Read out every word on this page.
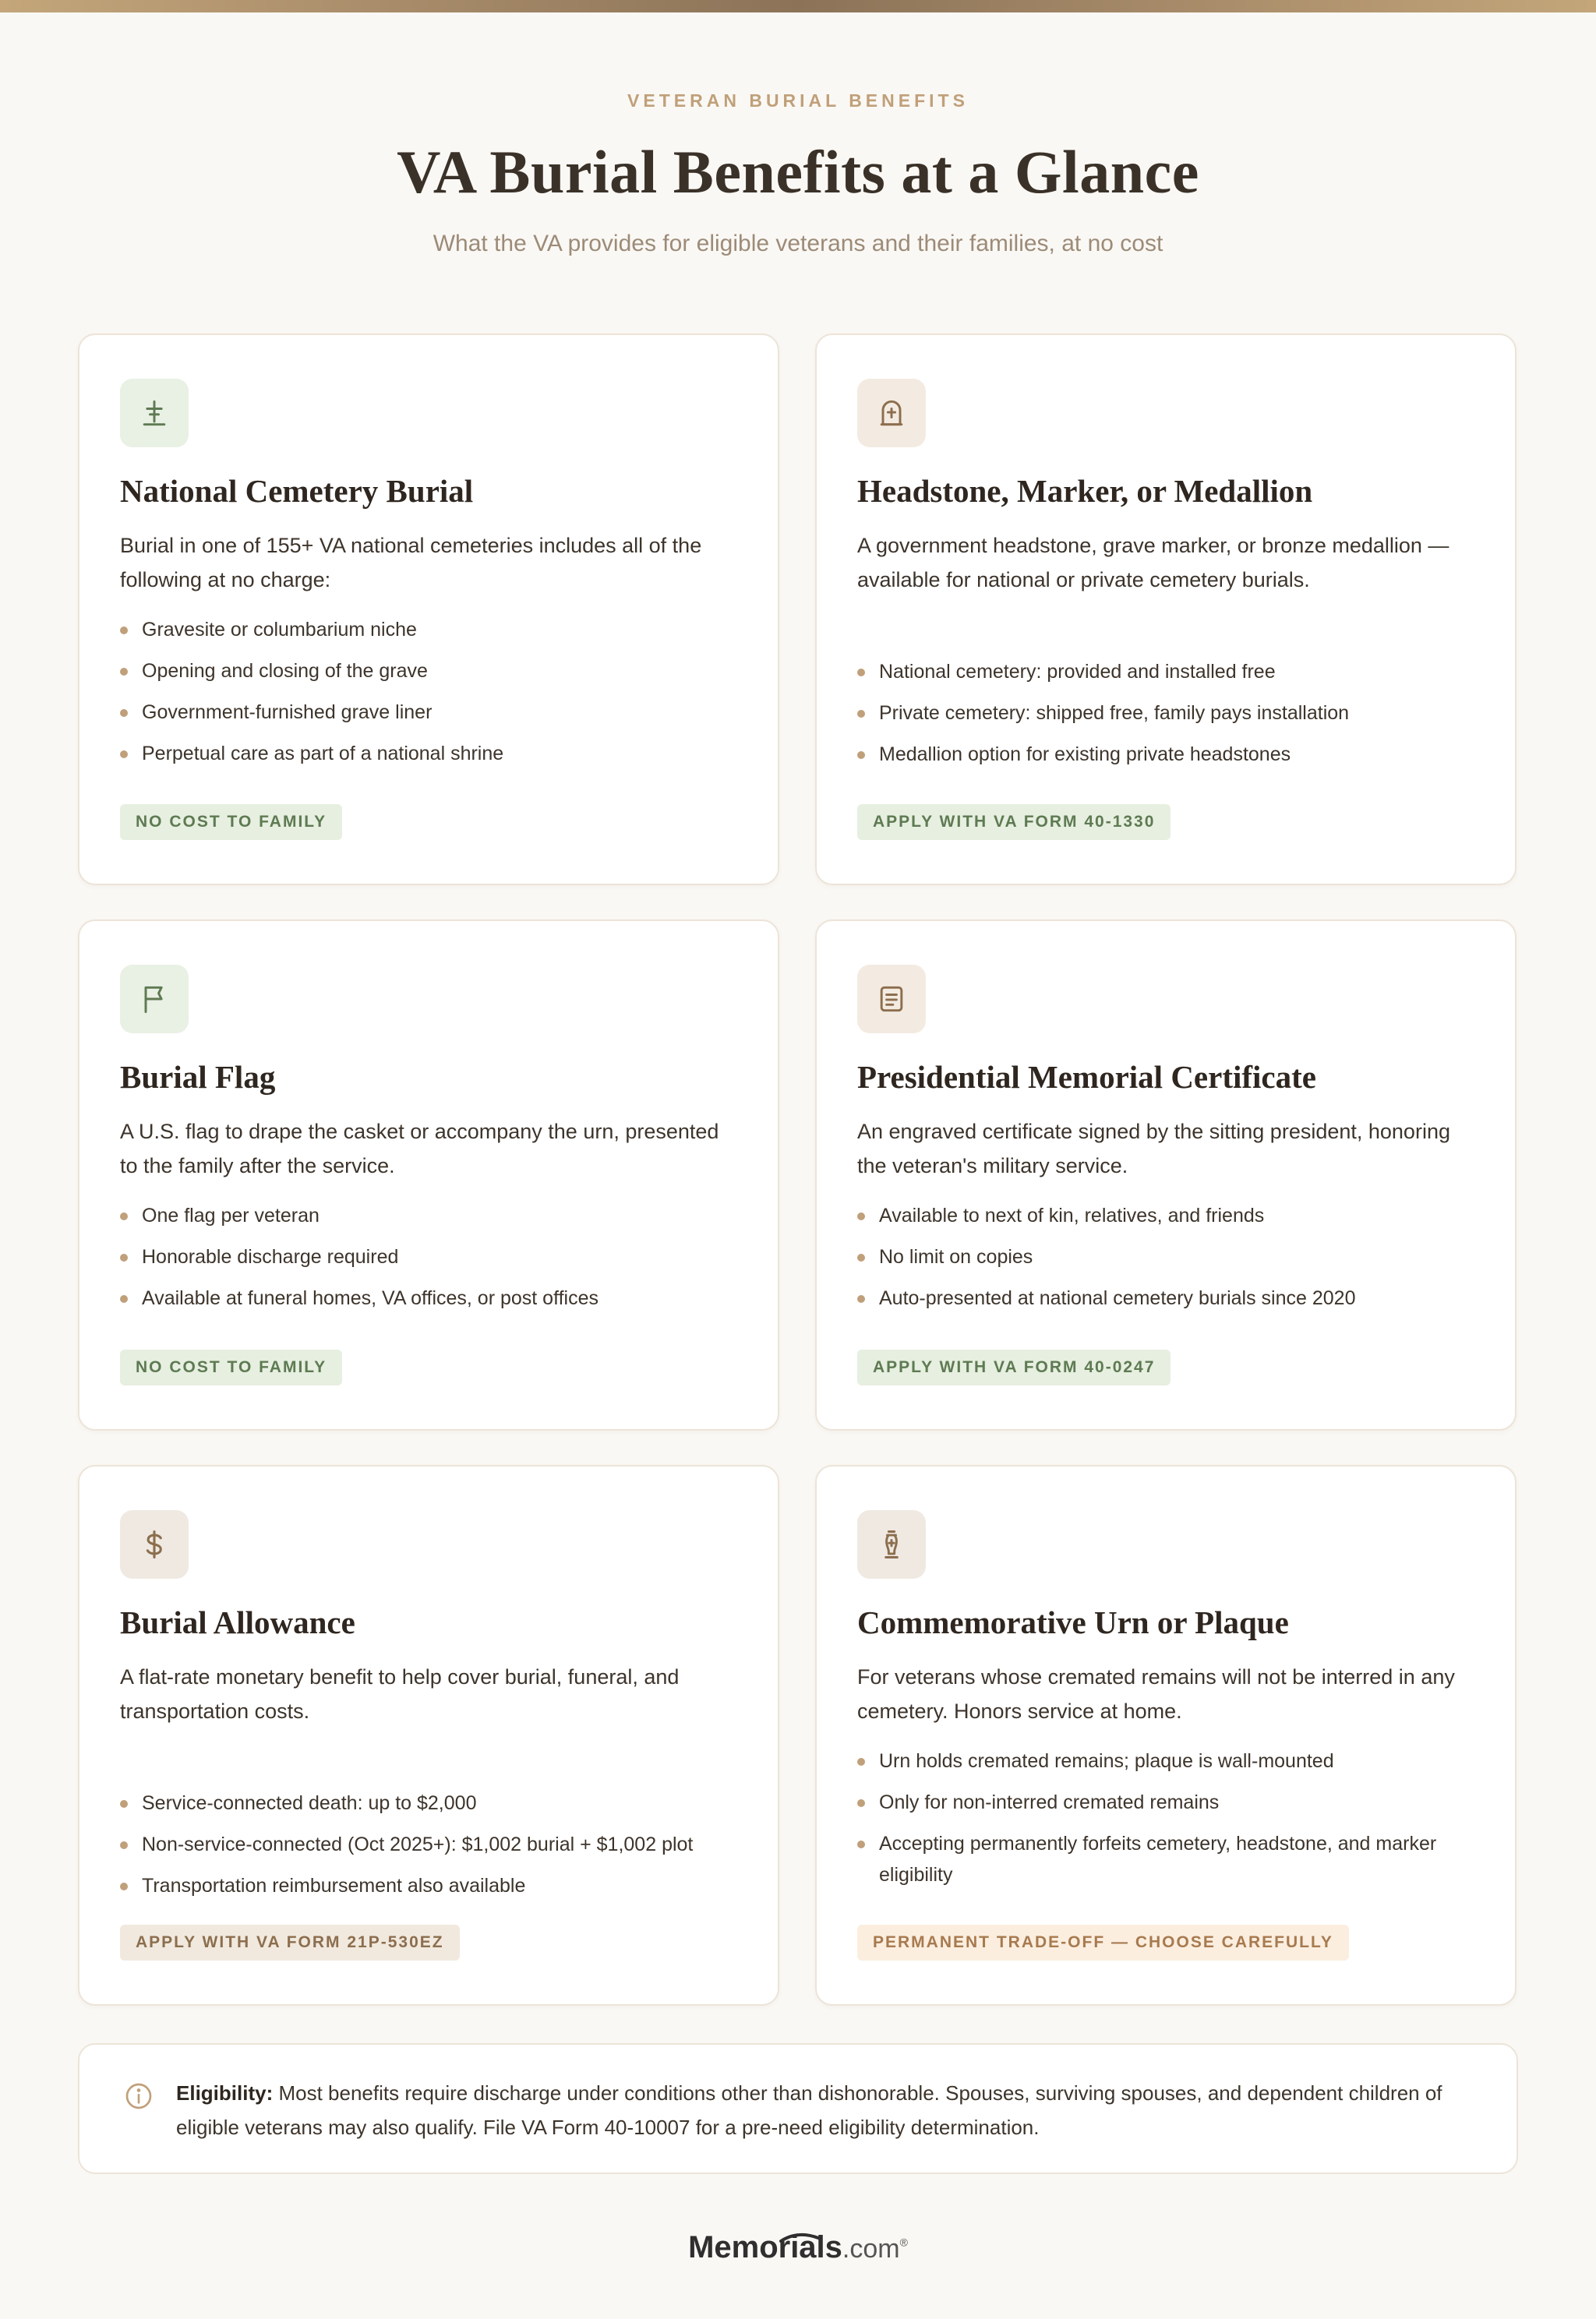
VETERAN BURIAL BENEFITS
VA Burial Benefits at a Glance
What the VA provides for eligible veterans and their families, at no cost
National Cemetery Burial

Burial in one of 155+ VA national cemeteries includes all of the following at no charge:

Gravesite or columbarium niche
Opening and closing of the grave
Government-furnished grave liner
Perpetual care as part of a national shrine
NO COST TO FAMILY
Headstone, Marker, or Medallion

A government headstone, grave marker, or bronze medallion — available for national or private cemetery burials.

National cemetery: provided and installed free
Private cemetery: shipped free, family pays installation
Medallion option for existing private headstones
APPLY WITH VA FORM 40-1330
Burial Flag

A U.S. flag to drape the casket or accompany the urn, presented to the family after the service.

One flag per veteran
Honorable discharge required
Available at funeral homes, VA offices, or post offices
NO COST TO FAMILY
Presidential Memorial Certificate

An engraved certificate signed by the sitting president, honoring the veteran's military service.

Available to next of kin, relatives, and friends
No limit on copies
Auto-presented at national cemetery burials since 2020
APPLY WITH VA FORM 40-0247
Burial Allowance

A flat-rate monetary benefit to help cover burial, funeral, and transportation costs.

Service-connected death: up to $2,000
Non-service-connected (Oct 2025+): $1,002 burial + $1,002 plot
Transportation reimbursement also available
APPLY WITH VA FORM 21P-530EZ
Commemorative Urn or Plaque

For veterans whose cremated remains will not be interred in any cemetery. Honors service at home.

Urn holds cremated remains; plaque is wall-mounted
Only for non-interred cremated remains
Accepting permanently forfeits cemetery, headstone, and marker eligibility
PERMANENT TRADE-OFF — CHOOSE CAREFULLY

Eligibility: Most benefits require discharge under conditions other than dishonorable. Spouses, surviving spouses, and dependent children of eligible veterans may also qualify. File VA Form 40-10007 for a pre-need eligibility determination.

Memorials.com®
